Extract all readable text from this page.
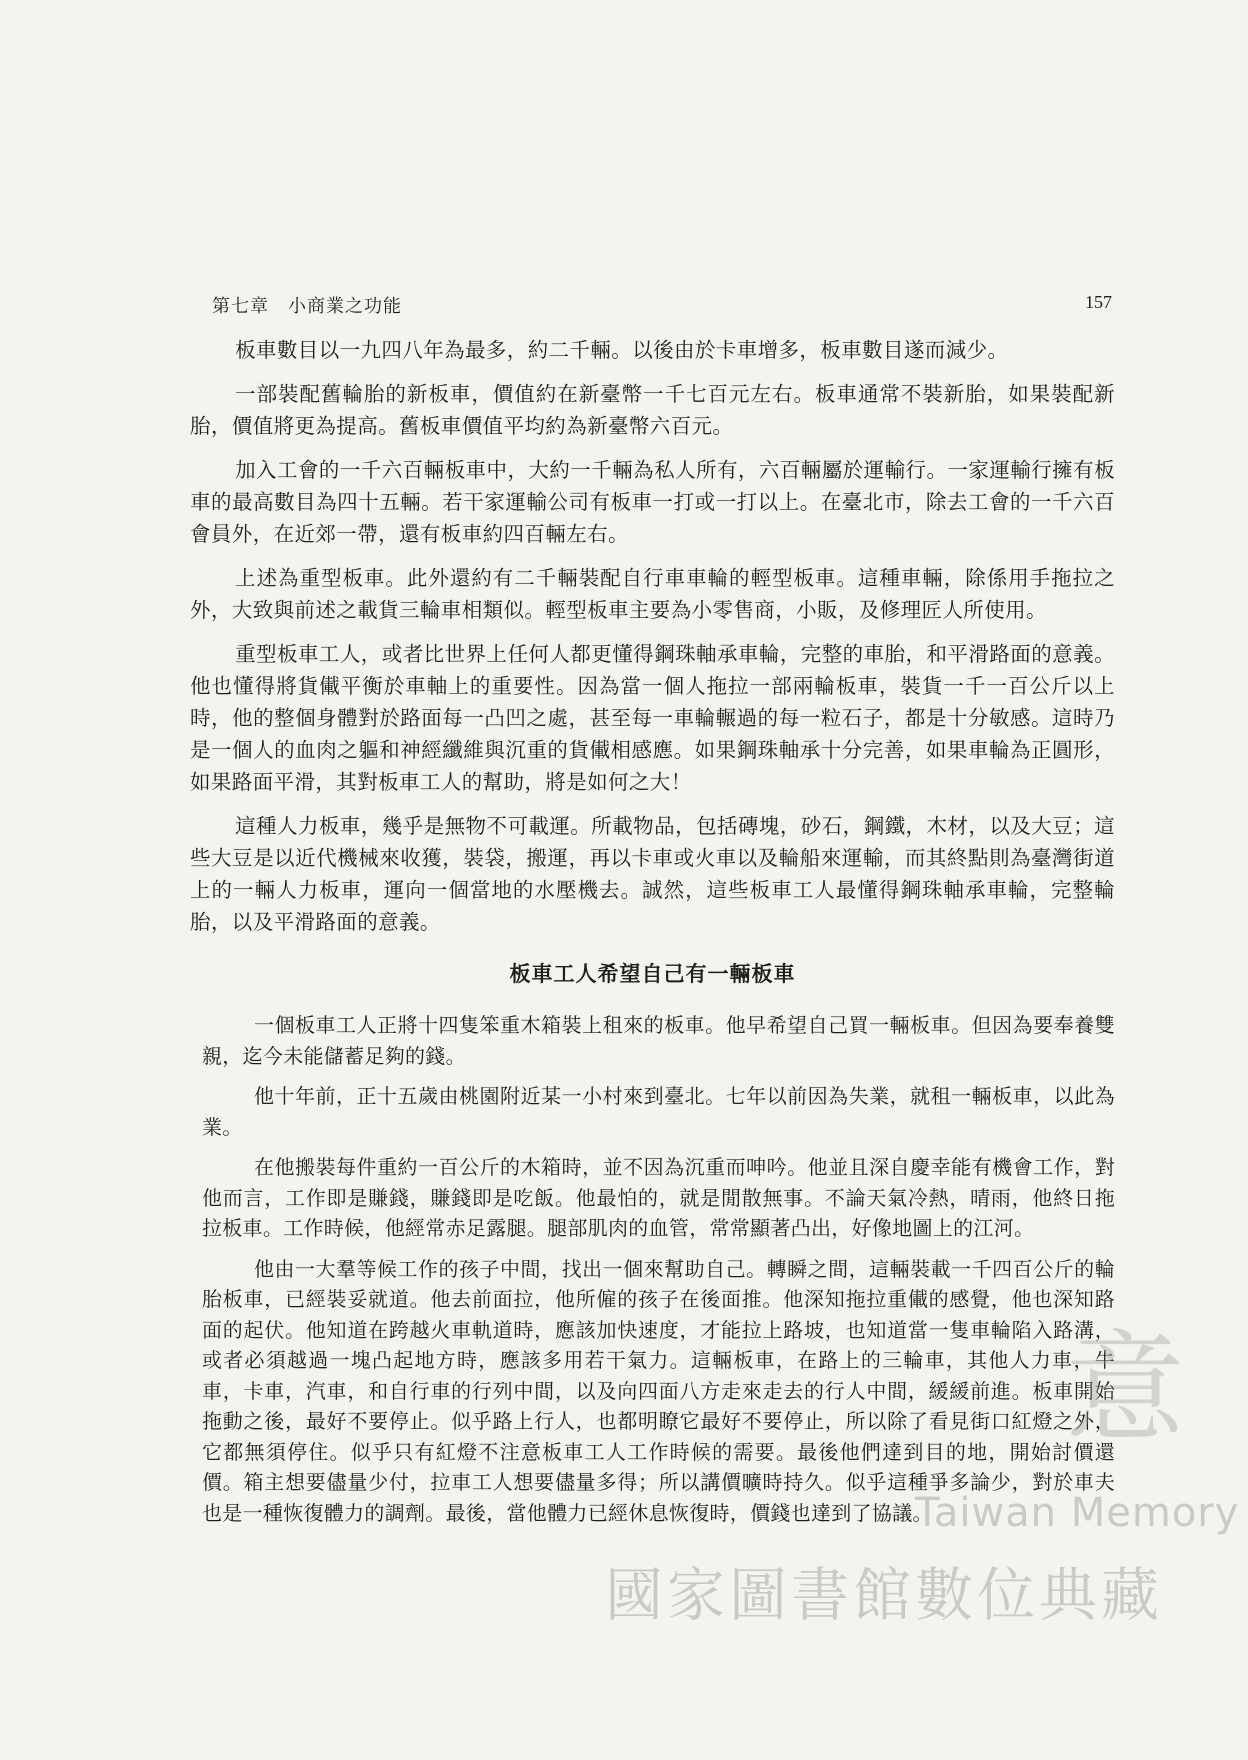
第七章　小商業之功能	157

板車數目以一九四八年為最多，約二千輛。以後由於卡車增多，板車數目遂而減少。

一部裝配舊輪胎的新板車，價值約在新臺幣一千七百元左右。板車通常不裝新胎，如果裝配新胎，價值將更為提高。舊板車價值平均約為新臺幣六百元。

加入工會的一千六百輛板車中，大約一千輛為私人所有，六百輛屬於運輸行。一家運輸行擁有板車的最高數目為四十五輛。若干家運輸公司有板車一打或一打以上。在臺北市，除去工會的一千六百會員外，在近郊一帶，還有板車約四百輛左右。

上述為重型板車。此外還約有二千輛裝配自行車車輪的輕型板車。這種車輛，除係用手拖拉之外，大致與前述之載貨三輪車相類似。輕型板車主要為小零售商，小販，及修理匠人所使用。

重型板車工人，或者比世界上任何人都更懂得鋼珠軸承車輪，完整的車胎，和平滑路面的意義。他也懂得將貨儎平衡於車軸上的重要性。因為當一個人拖拉一部兩輪板車，裝貨一千一百公斤以上時，他的整個身體對於路面每一凸凹之處，甚至每一車輪輾過的每一粒石子，都是十分敏感。這時乃是一個人的血肉之軀和神經纖維與沉重的貨儎相感應。如果鋼珠軸承十分完善，如果車輪為正圓形，如果路面平滑，其對板車工人的幫助，將是如何之大！

這種人力板車，幾乎是無物不可載運。所載物品，包括磚塊，砂石，鋼鐵，木材，以及大豆；這些大豆是以近代機械來收獲，裝袋，搬運，再以卡車或火車以及輪船來運輸，而其終點則為臺灣街道上的一輛人力板車，運向一個當地的水壓機去。誠然，這些板車工人最懂得鋼珠軸承車輪，完整輪胎，以及平滑路面的意義。

板車工人希望自己有一輛板車

一個板車工人正將十四隻笨重木箱裝上租來的板車。他早希望自己買一輛板車。但因為要奉養雙親，迄今未能儲蓄足夠的錢。

他十年前，正十五歲由桃園附近某一小村來到臺北。七年以前因為失業，就租一輛板車，以此為業。

在他搬裝每件重約一百公斤的木箱時，並不因為沉重而呻吟。他並且深自慶幸能有機會工作，對他而言，工作即是賺錢，賺錢即是吃飯。他最怕的，就是閒散無事。不論天氣冷熱，晴雨，他終日拖拉板車。工作時候，他經常赤足露腿。腿部肌肉的血管，常常顯著凸出，好像地圖上的江河。

他由一大羣等候工作的孩子中間，找出一個來幫助自己。轉瞬之間，這輛裝載一千四百公斤的輪胎板車，已經裝妥就道。他去前面拉，他所僱的孩子在後面推。他深知拖拉重儎的感覺，他也深知路面的起伏。他知道在跨越火車軌道時，應該加快速度，才能拉上路坡，也知道當一隻車輪陷入路溝，或者必須越過一塊凸起地方時，應該多用若干氣力。這輛板車，在路上的三輪車，其他人力車，牛車，卡車，汽車，和自行車的行列中間，以及向四面八方走來走去的行人中間，緩緩前進。板車開始拖動之後，最好不要停止。似乎路上行人，也都明瞭它最好不要停止，所以除了看見街口紅燈之外，它都無須停住。似乎只有紅燈不注意板車工人工作時候的需要。最後他們達到目的地，開始討價還價。箱主想要儘量少付，拉車工人想要儘量多得；所以講價曠時持久。似乎這種爭多論少，對於車夫也是一種恢復體力的調劑。最後，當他體力已經休息恢復時，價錢也達到了協議。

意
Taiwan Memory
國家圖書館數位典藏
